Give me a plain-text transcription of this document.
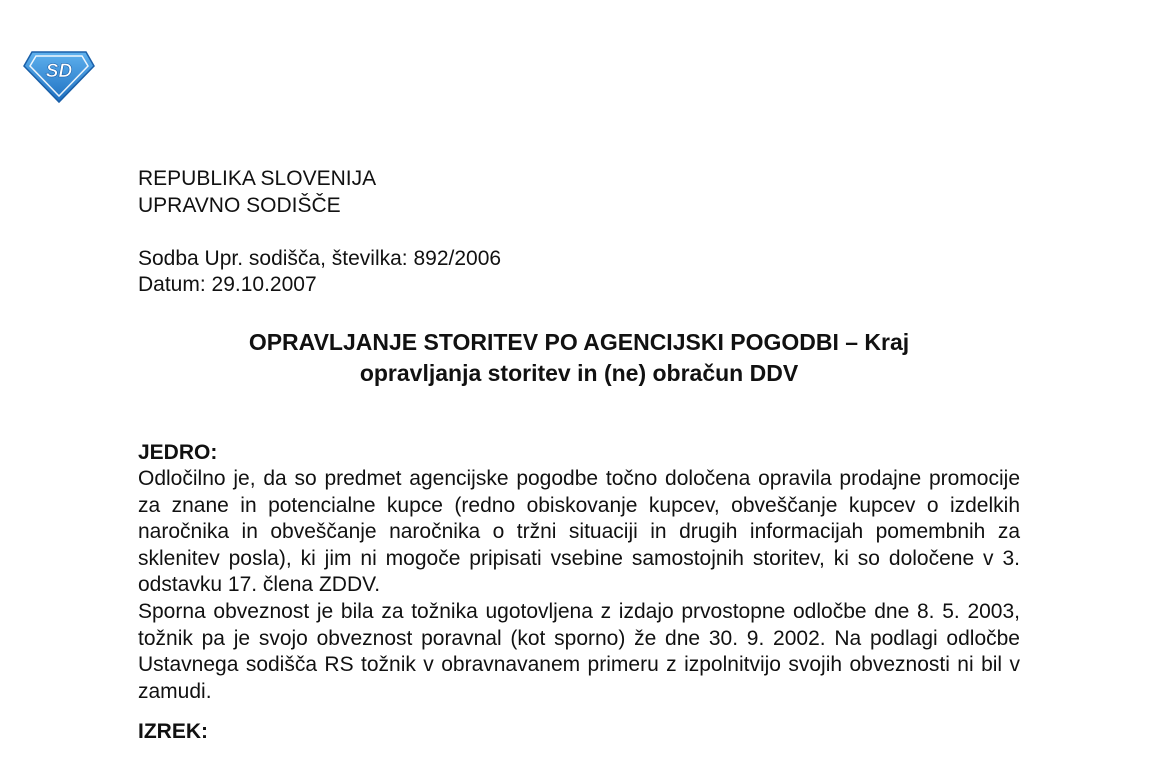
SD
REPUBLIKA SLOVENIJA
UPRAVNO SODIŠČE
Sodba Upr. sodišča, številka: 892/2006
Datum: 29.10.2007
OPRAVLJANJE STORITEV PO AGENCIJSKI POGODBI – Kraj
opravljanja storitev in (ne) obračun DDV

JEDRO:

Odločilno je, da so predmet agencijske pogodbe točno določena opravila prodajne promocije za znane in potencialne kupce (redno obiskovanje kupcev, obveščanje kupcev o izdelkih naročnika in obveščanje naročnika o tržni situaciji in drugih informacijah pomembnih za sklenitev posla), ki jim ni mogoče pripisati vsebine samostojnih storitev, ki so določene v 3. odstavku 17. člena ZDDV.

Sporna obveznost je bila za tožnika ugotovljena z izdajo prvostopne odločbe dne 8. 5. 2003, tožnik pa je svojo obveznost poravnal (kot sporno) že dne 30. 9. 2002. Na podlagi odločbe Ustavnega sodišča RS tožnik v obravnavanem primeru z izpolnitvijo svojih obveznosti ni bil v zamudi.

IZREK:
